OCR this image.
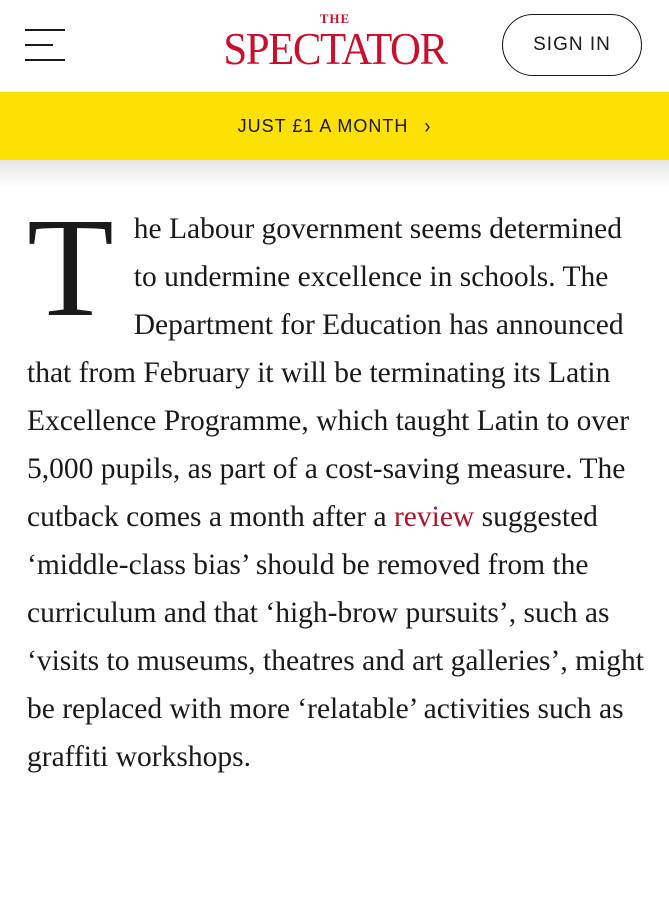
THE
SPECTATOR	SIGN IN
JUST £1 A MONTH ›

The Labour government seems determined to undermine excellence in schools. The Department for Education has announced that from February it will be terminating its Latin Excellence Programme, which taught Latin to over 5,000 pupils, as part of a cost-saving measure. The cutback comes a month after a review suggested ‘middle-class bias’ should be removed from the curriculum and that ‘high-brow pursuits’, such as ‘visits to museums, theatres and art galleries’, might be replaced with more ‘relatable’ activities such as graffiti workshops.
